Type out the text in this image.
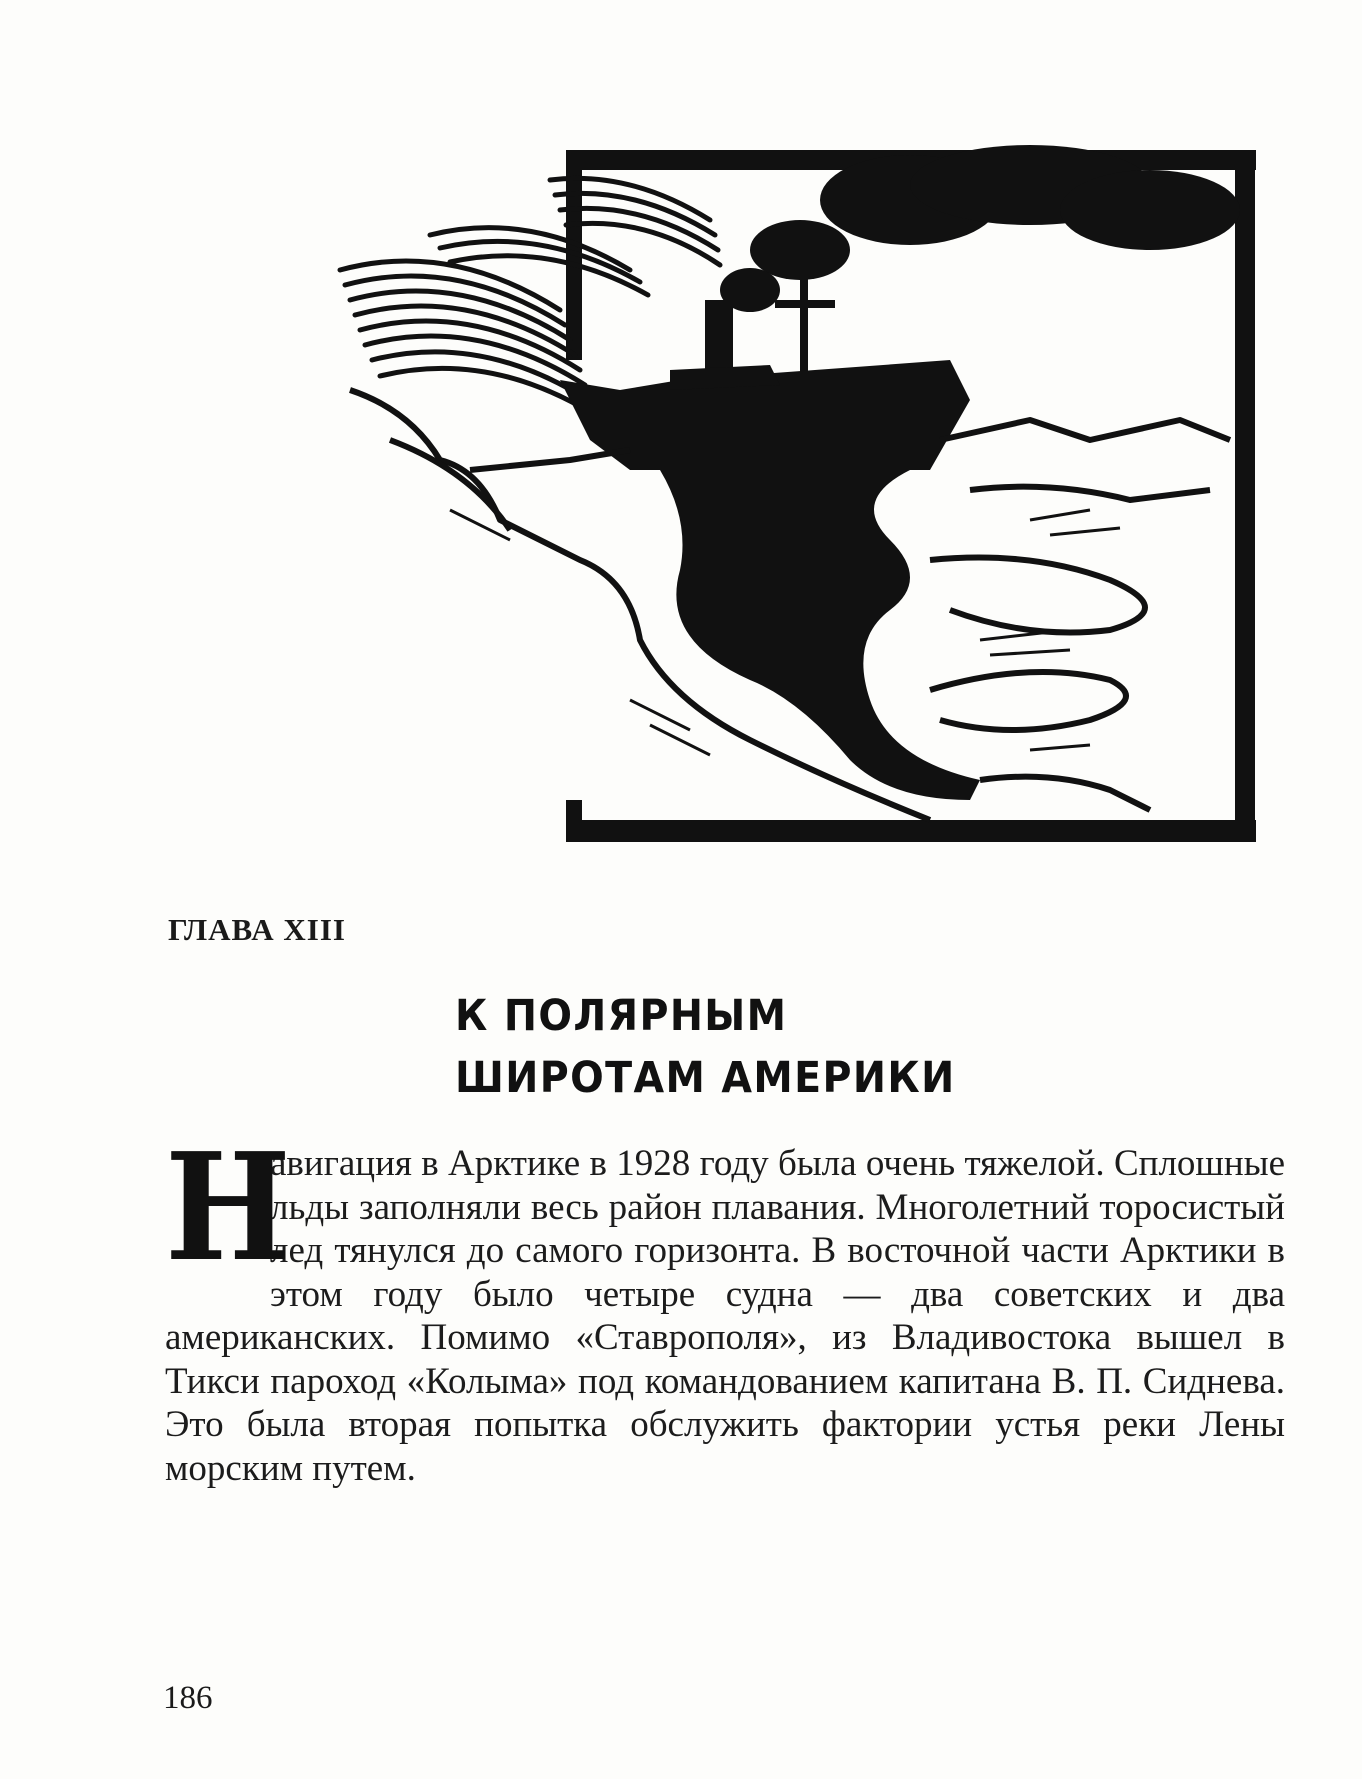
ГЛАВА XIII
К ПОЛЯРНЫМ
ШИРОТАМ АМЕРИКИ

Н
авигация в Арктике в 1928 году была очень тяжелой. Сплошные льды заполняли весь район плавания. Многолетний торосистый лед тянулся до самого горизонта. В восточной части Арктики в этом году было четыре судна — два советских и два американских. Помимо «Ставрополя», из Владивостока вышел в Тикси пароход «Колыма» под командованием капитана В. П. Сиднева. Это была вторая попытка обслужить фактории устья реки Лены морским путем.

186
